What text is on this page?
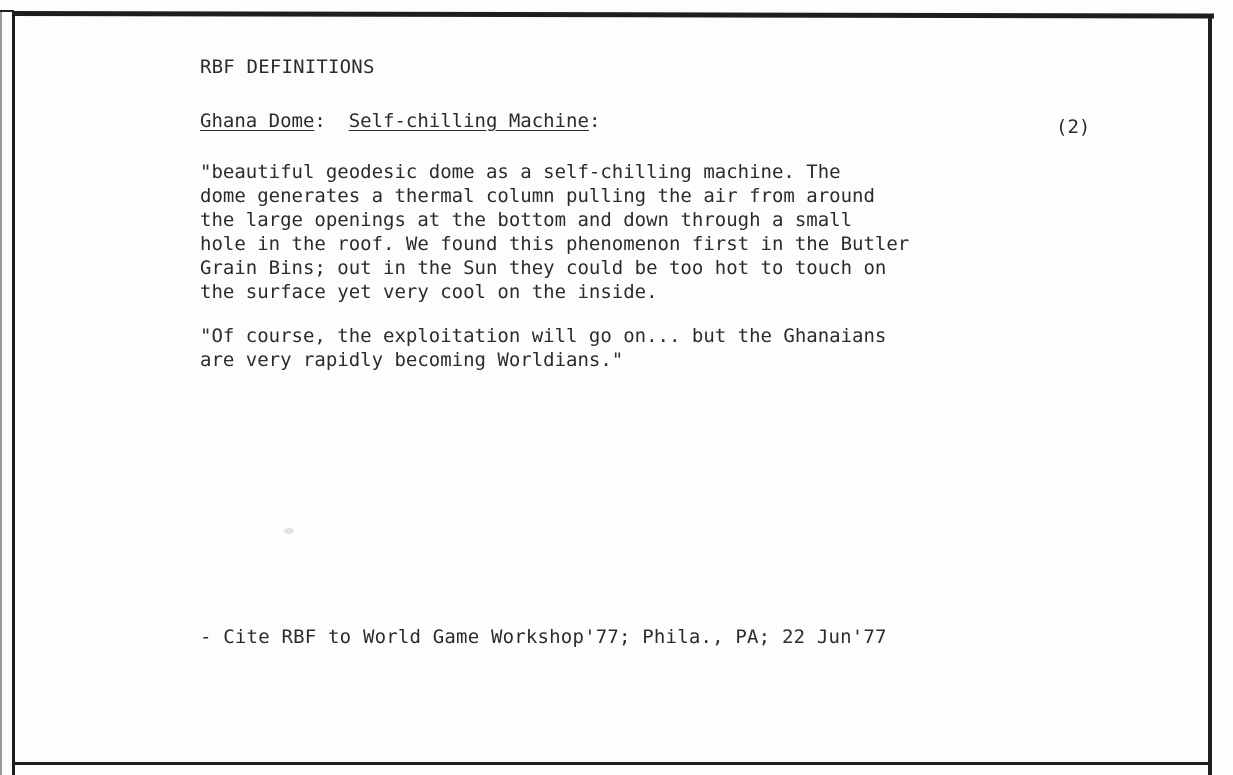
RBF DEFINITIONS
Ghana Dome:  Self-chilling Machine:	(2)

"beautiful geodesic dome as a self-chilling machine. The
dome generates a thermal column pulling the air from around
the large openings at the bottom and down through a small
hole in the roof. We found this phenomenon first in the Butler
Grain Bins; out in the Sun they could be too hot to touch on
the surface yet very cool on the inside.

"Of course, the exploitation will go on... but the Ghanaians
are very rapidly becoming Worldians."

- Cite RBF to World Game Workshop'77; Phila., PA; 22 Jun'77
